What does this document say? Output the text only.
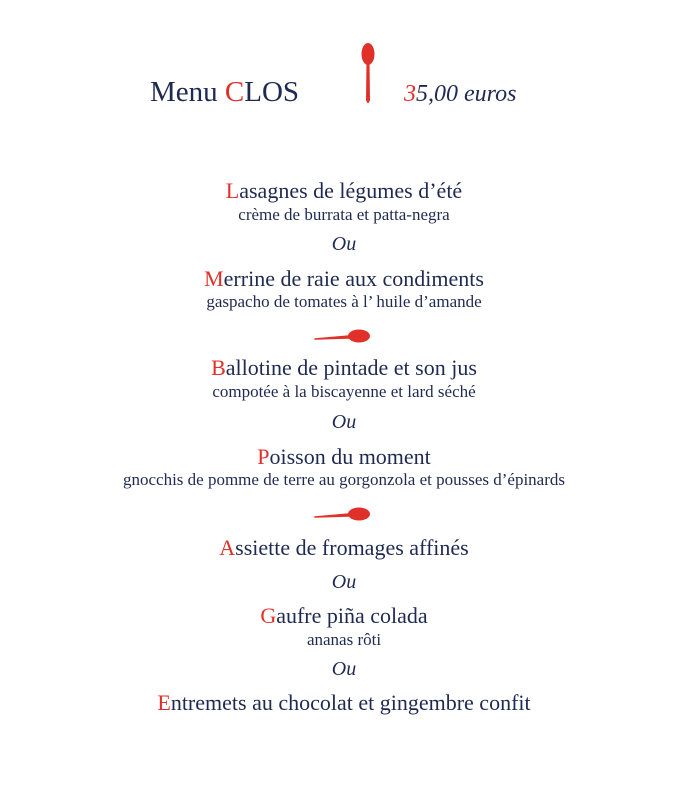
Menu CLOS	35,00 euros
Lasagnes de légumes d’été
crème de burrata et patta-negra
Ou
Merrine de raie aux condiments
gaspacho de tomates à l’ huile d’amande
Ballotine de pintade et son jus
compotée à la biscayenne et lard séché
Ou
Poisson du moment
gnocchis de pomme de terre au gorgonzola et pousses d’épinards
Assiette de fromages affinés
Ou
Gaufre piña colada
ananas rôti
Ou
Entremets au chocolat et gingembre confit
